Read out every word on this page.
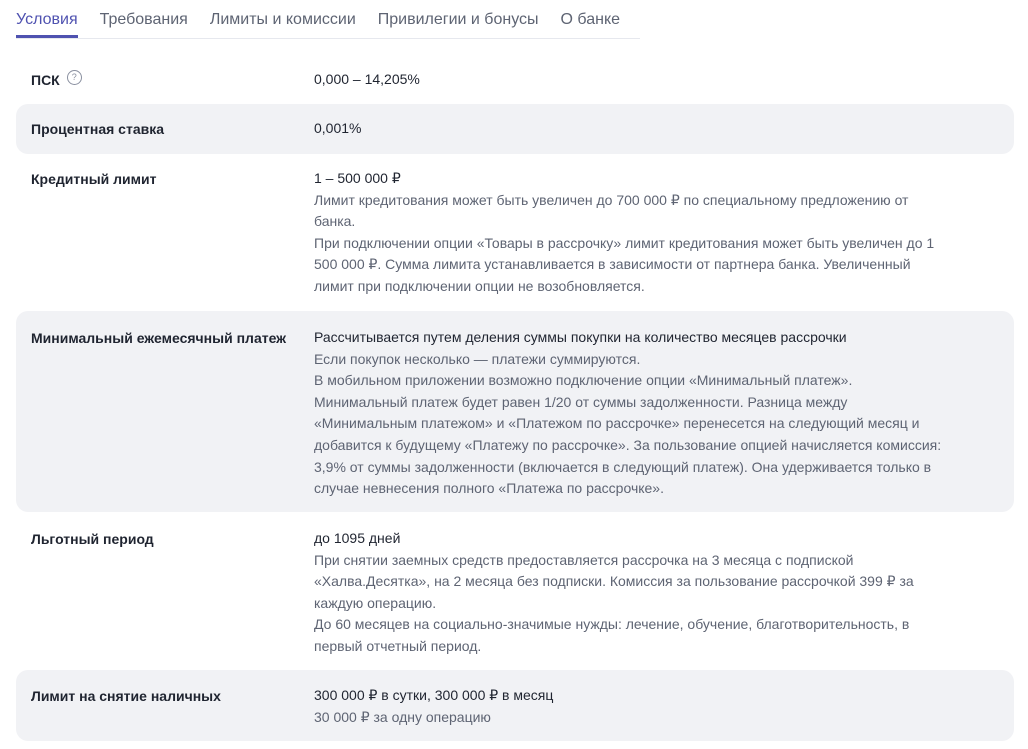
Условия Требования Лимиты и комиссии Привилегии и бонусы О банке
ПСК	?	0,000 – 14,205%
Процентная ставка	0,001%
Кредитный лимит	1 – 500 000 ₽
Лимит кредитования может быть увеличен до 700 000 ₽ по специальному предложению от
банка.
При подключении опции «Товары в рассрочку» лимит кредитования может быть увеличен до 1
500 000 ₽. Сумма лимита устанавливается в зависимости от партнера банка. Увеличенный
лимит при подключении опции не возобновляется.
Минимальный ежемесячный платеж	Рассчитывается путем деления суммы покупки на количество месяцев рассрочки
Если покупок несколько — платежи суммируются.
В мобильном приложении возможно подключение опции «Минимальный платеж».
Минимальный платеж будет равен 1/20 от суммы задолженности. Разница между
«Минимальным платежом» и «Платежом по рассрочке» перенесется на следующий месяц и
добавится к будущему «Платежу по рассрочке». За пользование опцией начисляется комиссия:
3,9% от суммы задолженности (включается в следующий платеж). Она удерживается только в
случае невнесения полного «Платежа по рассрочке».
Льготный период	до 1095 дней
При снятии заемных средств предоставляется рассрочка на 3 месяца с подпиской
«Халва.Десятка», на 2 месяца без подписки. Комиссия за пользование рассрочкой 399 ₽ за
каждую операцию.
До 60 месяцев на социально-значимые нужды: лечение, обучение, благотворительность, в
первый отчетный период.
Лимит на снятие наличных	300 000 ₽ в сутки, 300 000 ₽ в месяц
30 000 ₽ за одну операцию
